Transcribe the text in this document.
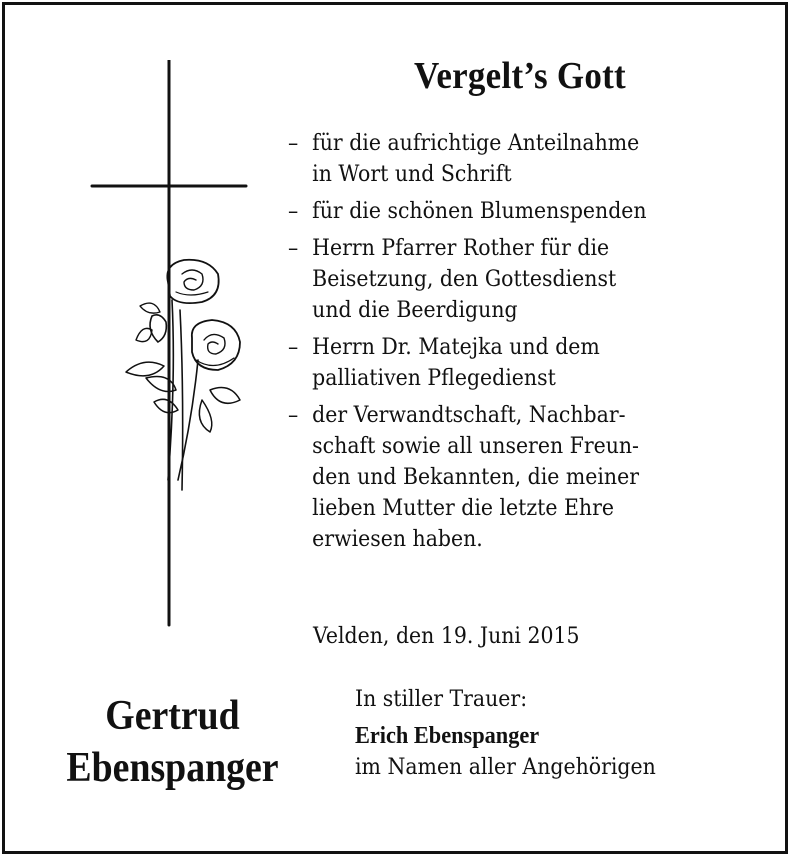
Vergelt’s Gott
– für die aufrichtige Anteilnahme
in Wort und Schrift
– für die schönen Blumenspenden
– Herrn Pfarrer Rother für die
Beisetzung, den Gottesdienst
und die Beerdigung
– Herrn Dr. Matejka und dem
palliativen Pflegedienst
– der Verwandtschaft, Nachbar-
schaft sowie all unseren Freun-
den und Bekannten, die meiner
lieben Mutter die letzte Ehre
erwiesen haben.
Velden, den 19. Juni 2015
Gertrud
Ebenspanger
In stiller Trauer:
Erich Ebenspanger
im Namen aller Angehörigen
